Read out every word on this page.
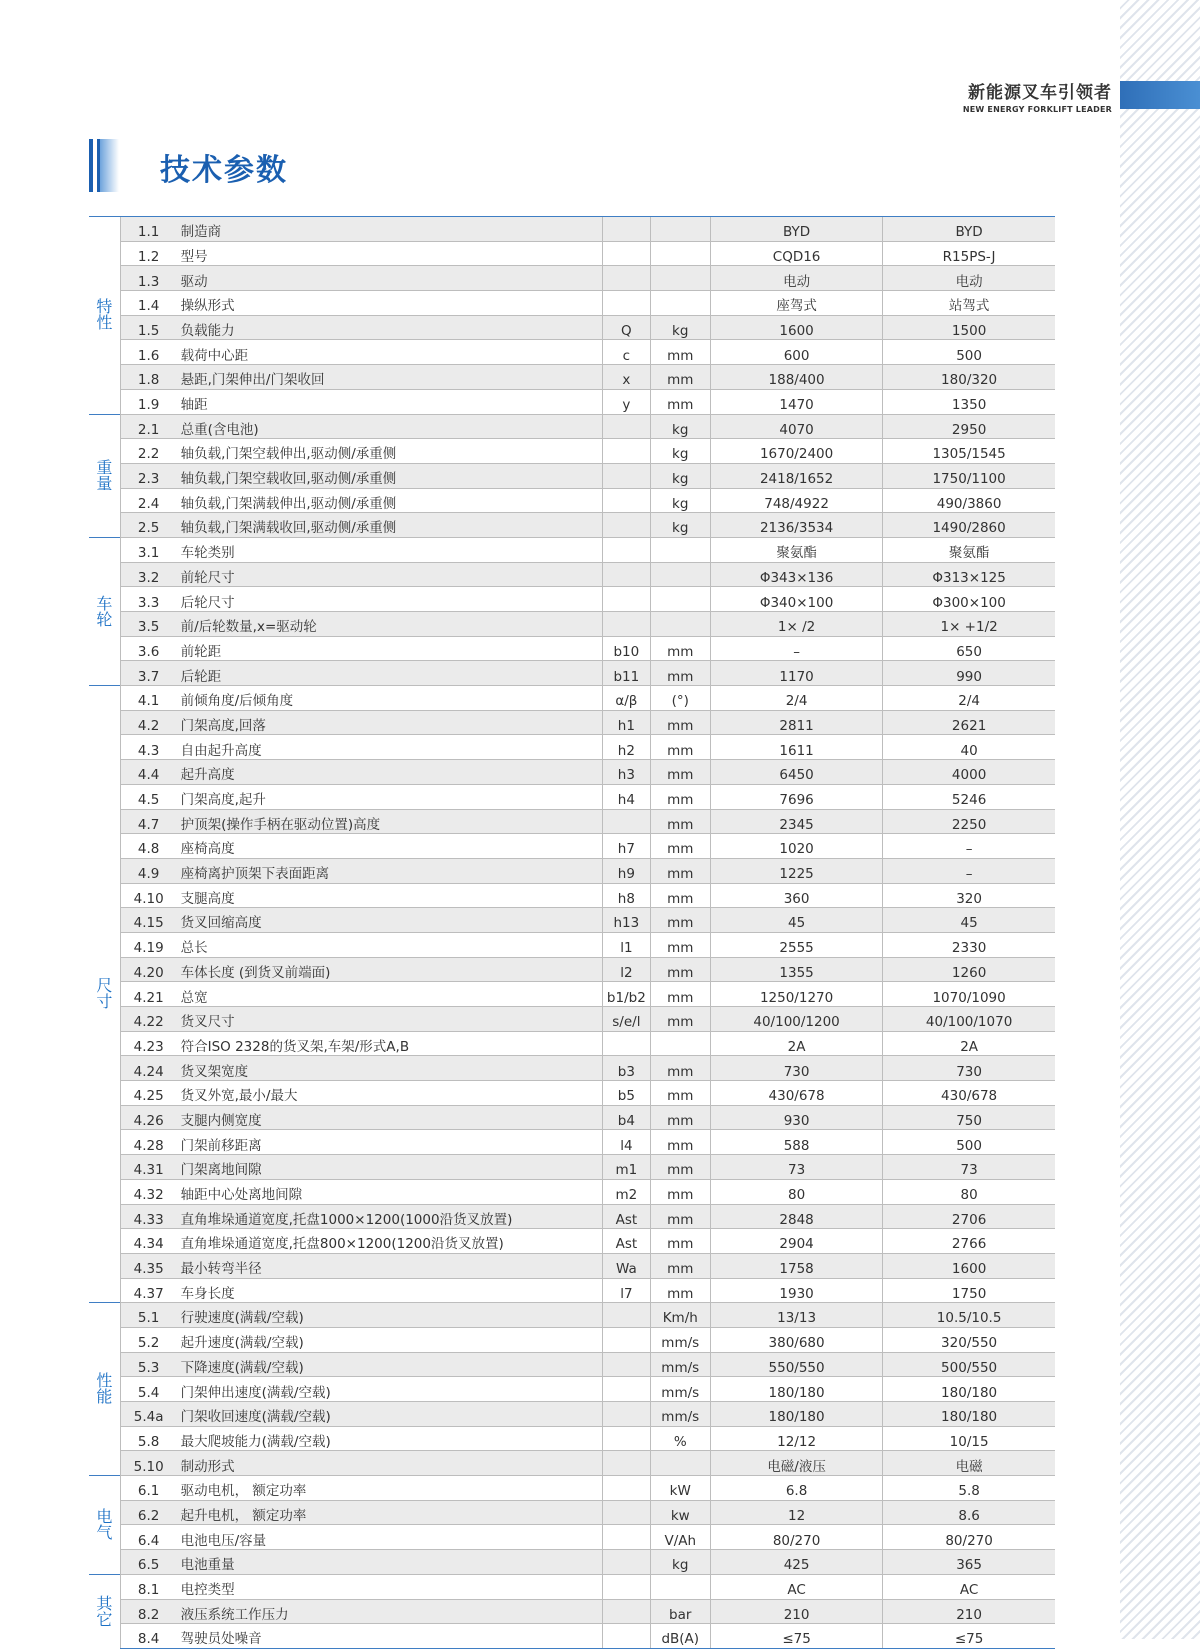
新能源叉车引领者
NEW ENERGY FORKLIFT LEADER
技术参数
特性	1.1	制造商			BYD	BYD
	1.2	型号			CQD16	R15PS-J
	1.3	驱动			电动	电动
	1.4	操纵形式			座驾式	站驾式
	1.5	负载能力	Q	kg	1600	1500
	1.6	载荷中心距	c	mm	600	500
	1.8	悬距,门架伸出/门架收回	x	mm	188/400	180/320
	1.9	轴距	y	mm	1470	1350
重量	2.1	总重(含电池)		kg	4070	2950
	2.2	轴负载,门架空载伸出,驱动侧/承重侧		kg	1670/2400	1305/1545
	2.3	轴负载,门架空载收回,驱动侧/承重侧		kg	2418/1652	1750/1100
	2.4	轴负载,门架满载伸出,驱动侧/承重侧		kg	748/4922	490/3860
	2.5	轴负载,门架满载收回,驱动侧/承重侧		kg	2136/3534	1490/2860
车轮	3.1	车轮类别			聚氨酯	聚氨酯
	3.2	前轮尺寸			Φ343×136	Φ313×125
	3.3	后轮尺寸			Φ340×100	Φ300×100
	3.5	前/后轮数量,x=驱动轮			1× /2	1× +1/2
	3.6	前轮距	b10	mm	–	650
	3.7	后轮距	b11	mm	1170	990
尺寸	4.1	前倾角度/后倾角度	α/β	(°)	2/4	2/4
	4.2	门架高度,回落	h1	mm	2811	2621
	4.3	自由起升高度	h2	mm	1611	40
	4.4	起升高度	h3	mm	6450	4000
	4.5	门架高度,起升	h4	mm	7696	5246
	4.7	护顶架(操作手柄在驱动位置)高度		mm	2345	2250
	4.8	座椅高度	h7	mm	1020	–
	4.9	座椅离护顶架下表面距离	h9	mm	1225	–
	4.10	支腿高度	h8	mm	360	320
	4.15	货叉回缩高度	h13	mm	45	45
	4.19	总长	l1	mm	2555	2330
	4.20	车体长度 (到货叉前端面)	l2	mm	1355	1260
	4.21	总宽	b1/b2	mm	1250/1270	1070/1090
	4.22	货叉尺寸	s/e/l	mm	40/100/1200	40/100/1070
	4.23	符合ISO 2328的货叉架,车架/形式A,B			2A	2A
	4.24	货叉架宽度	b3	mm	730	730
	4.25	货叉外宽,最小/最大	b5	mm	430/678	430/678
	4.26	支腿内侧宽度	b4	mm	930	750
	4.28	门架前移距离	l4	mm	588	500
	4.31	门架离地间隙	m1	mm	73	73
	4.32	轴距中心处离地间隙	m2	mm	80	80
	4.33	直角堆垛通道宽度,托盘1000×1200(1000沿货叉放置)	Ast	mm	2848	2706
	4.34	直角堆垛通道宽度,托盘800×1200(1200沿货叉放置)	Ast	mm	2904	2766
	4.35	最小转弯半径	Wa	mm	1758	1600
	4.37	车身长度	l7	mm	1930	1750
性能	5.1	行驶速度(满载/空载)		Km/h	13/13	10.5/10.5
	5.2	起升速度(满载/空载)		mm/s	380/680	320/550
	5.3	下降速度(满载/空载)		mm/s	550/550	500/550
	5.4	门架伸出速度(满载/空载)		mm/s	180/180	180/180
	5.4a	门架收回速度(满载/空载)		mm/s	180/180	180/180
	5.8	最大爬坡能力(满载/空载)		%	12/12	10/15
	5.10	制动形式			电磁/液压	电磁
电气	6.1	驱动电机， 额定功率		kW	6.8	5.8
	6.2	起升电机， 额定功率		kw	12	8.6
	6.4	电池电压/容量		V/Ah	80/270	80/270
	6.5	电池重量		kg	425	365
其它	8.1	电控类型			AC	AC
	8.2	液压系统工作压力		bar	210	210
	8.4	驾驶员处噪音		dB(A)	≤75	≤75
